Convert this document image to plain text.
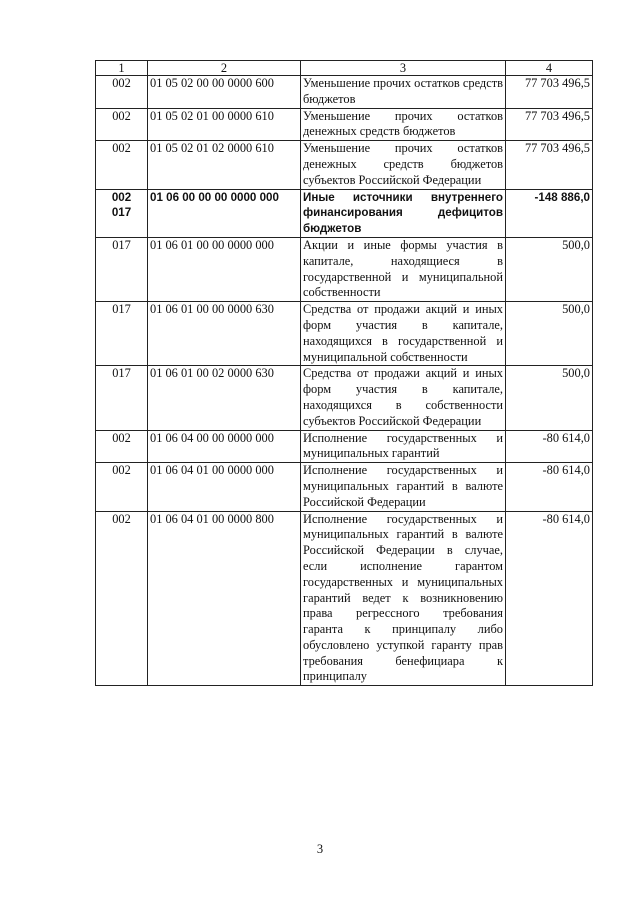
1	2	3	4

002	01 05 02 00 00 0000 600	Уменьшение прочих остатков средств бюджетов	77 703 496,5

002	01 05 02 01 00 0000 610	Уменьшение прочих остатков денежных средств бюджетов	77 703 496,5

002	01 05 02 01 02 0000 610	Уменьшение прочих остатков денежных средств бюджетов субъектов Российской Федерации	77 703 496,5

002
017	01 06 00 00 00 0000 000	Иные источники внутреннего финансирования дефицитов бюджетов	-148 886,0

017	01 06 01 00 00 0000 000	Акции и иные формы участия в капитале, находящиеся в государственной и муниципальной собственности	500,0

017	01 06 01 00 00 0000 630	Средства от продажи акций и иных форм участия в капитале, находящихся в государственной и муниципальной собственности	500,0

017	01 06 01 00 02 0000 630	Средства от продажи акций и иных форм участия в капитале, находящихся в собственности субъектов Российской Федерации	500,0

002	01 06 04 00 00 0000 000	Исполнение государственных и муниципальных гарантий	-80 614,0

002	01 06 04 01 00 0000 000	Исполнение государственных и муниципальных гарантий в валюте Российской Федерации	-80 614,0

002	01 06 04 01 00 0000 800	Исполнение государственных и муниципальных гарантий в валюте Российской Федерации в случае, если исполнение гарантом государственных и муниципальных гарантий ведет к возникновению права регрессного требования гаранта к принципалу либо обусловлено уступкой гаранту прав требования бенефициара к принципалу	-80 614,0
3
